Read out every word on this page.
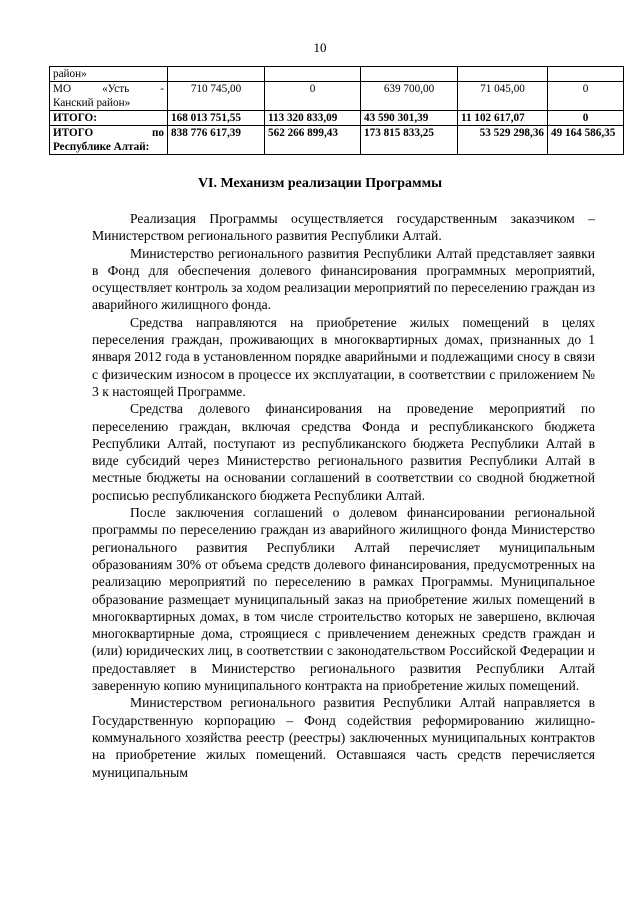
10
район»					

МО «Усть -
Канский район»	710 745,00	0	639 700,00	71 045,00	0
ИТОГО:	168 013 751,55	113 320 833,09	43 590 301,39	11 102 617,07	0

ИТОГО по
Республике Алтай:	838 776 617,39	562 266 899,43	173 815 833,25	53 529 298,36	49 164 586,35
VI. Механизм реализации Программы

Реализация Программы осуществляется государственным заказчиком – Министерством регионального развития Республики Алтай.

Министерство регионального развития Республики Алтай представляет заявки в Фонд для обеспечения долевого финансирования программных мероприятий, осуществляет контроль за ходом реализации мероприятий по переселению граждан из аварийного жилищного фонда.

Средства направляются на приобретение жилых помещений в целях переселения граждан, проживающих в многоквартирных домах, признанных до 1 января 2012 года в установленном порядке аварийными и подлежащими сносу в связи с физическим износом в процессе их эксплуатации, в соответствии с приложением № 3 к настоящей Программе.

Средства долевого финансирования на проведение мероприятий по переселению граждан, включая средства Фонда и республиканского бюджета Республики Алтай, поступают из республиканского бюджета Республики Алтай в виде субсидий через Министерство регионального развития Республики Алтай в местные бюджеты на основании соглашений в соответствии со сводной бюджетной росписью республиканского бюджета Республики Алтай.

После заключения соглашений о долевом финансировании региональной программы по переселению граждан из аварийного жилищного фонда Министерство регионального развития Республики Алтай перечисляет муниципальным образованиям 30% от объема средств долевого финансирования, предусмотренных на реализацию мероприятий по переселению в рамках Программы. Муниципальное образование размещает муниципальный заказ на приобретение жилых помещений в многоквартирных домах, в том числе строительство которых не завершено, включая многоквартирные дома, строящиеся с привлечением денежных средств граждан и (или) юридических лиц, в соответствии с законодательством Российской Федерации и предоставляет в Министерство регионального развития Республики Алтай заверенную копию муниципального контракта на приобретение жилых помещений.

Министерством регионального развития Республики Алтай направляется в Государственную корпорацию – Фонд содействия реформированию жилищно-коммунального хозяйства реестр (реестры) заключенных муниципальных контрактов на приобретение жилых помещений. Оставшаяся часть средств перечисляется муниципальным
